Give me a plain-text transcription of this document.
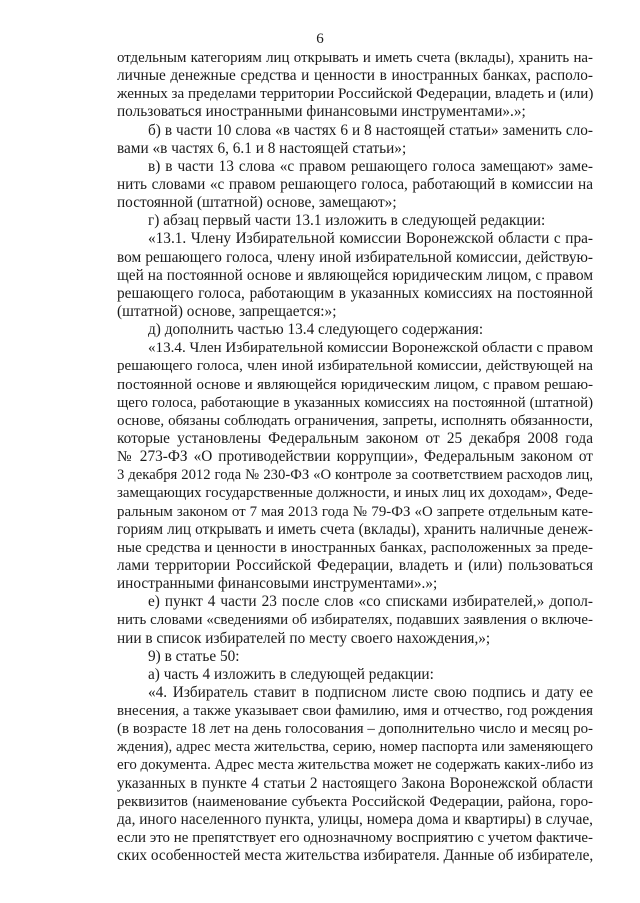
6
отдельным категориям лиц открывать и иметь счета (вклады), хранить на-
личные денежные средства и ценности в иностранных банках, располо-
женных за пределами территории Российской Федерации, владеть и (или)
пользоваться иностранными финансовыми инструментами».»;
б) в части 10 слова «в частях 6 и 8 настоящей статьи» заменить сло-
вами «в частях 6, 6.1 и 8 настоящей статьи»;
в) в части 13 слова «с правом решающего голоса замещают» заме-
нить словами «с правом решающего голоса, работающий в комиссии на
постоянной (штатной) основе, замещают»;
г) абзац первый части 13.1 изложить в следующей редакции:
«13.1. Члену Избирательной комиссии Воронежской области с пра-
вом решающего голоса, члену иной избирательной комиссии, действую-
щей на постоянной основе и являющейся юридическим лицом, с правом
решающего голоса, работающим в указанных комиссиях на постоянной
(штатной) основе, запрещается:»;
д) дополнить частью 13.4 следующего содержания:
«13.4. Член Избирательной комиссии Воронежской области с правом
решающего голоса, член иной избирательной комиссии, действующей на
постоянной основе и являющейся юридическим лицом, с правом решаю-
щего голоса, работающие в указанных комиссиях на постоянной (штатной)
основе, обязаны соблюдать ограничения, запреты, исполнять обязанности,
которые установлены Федеральным законом от 25 декабря 2008 года
№ 273-ФЗ «О противодействии коррупции», Федеральным законом от
3 декабря 2012 года № 230-ФЗ «О контроле за соответствием расходов лиц,
замещающих государственные должности, и иных лиц их доходам», Феде-
ральным законом от 7 мая 2013 года № 79-ФЗ «О запрете отдельным кате-
гориям лиц открывать и иметь счета (вклады), хранить наличные денеж-
ные средства и ценности в иностранных банках, расположенных за преде-
лами территории Российской Федерации, владеть и (или) пользоваться
иностранными финансовыми инструментами».»;
е) пункт 4 части 23 после слов «со списками избирателей,» допол-
нить словами «сведениями об избирателях, подавших заявления о включе-
нии в список избирателей по месту своего нахождения,»;
9) в статье 50:
а) часть 4 изложить в следующей редакции:
«4. Избиратель ставит в подписном листе свою подпись и дату ее
внесения, а также указывает свои фамилию, имя и отчество, год рождения
(в возрасте 18 лет на день голосования – дополнительно число и месяц ро-
ждения), адрес места жительства, серию, номер паспорта или заменяющего
его документа. Адрес места жительства может не содержать каких-либо из
указанных в пункте 4 статьи 2 настоящего Закона Воронежской области
реквизитов (наименование субъекта Российской Федерации, района, горо-
да, иного населенного пункта, улицы, номера дома и квартиры) в случае,
если это не препятствует его однозначному восприятию с учетом фактиче-
ских особенностей места жительства избирателя. Данные об избирателе,
